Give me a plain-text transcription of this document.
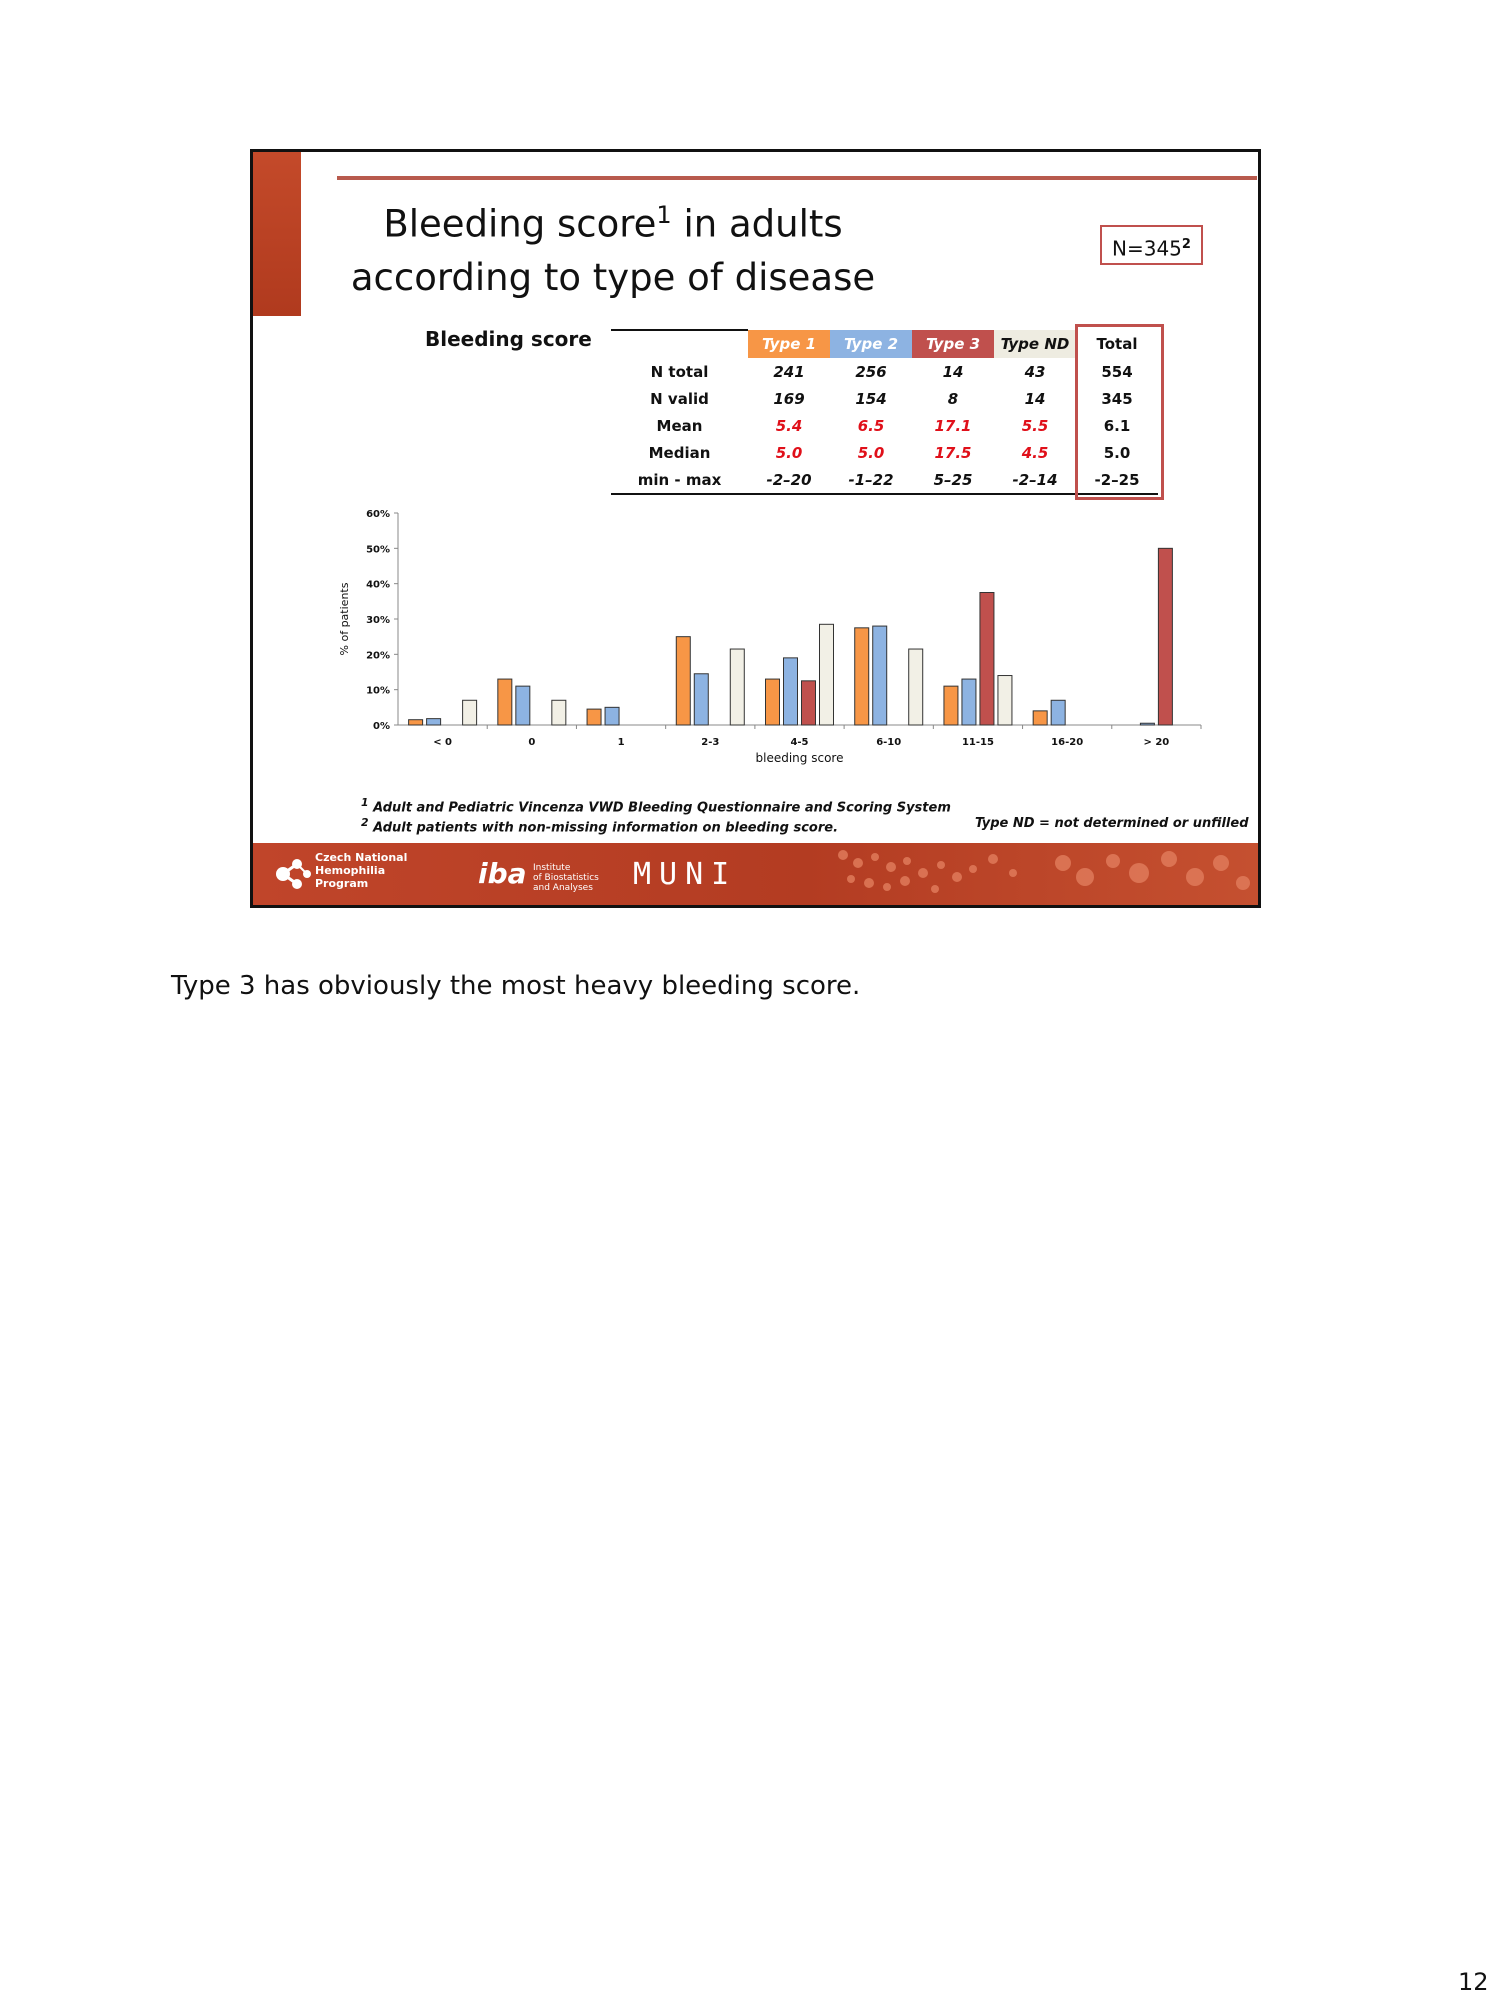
Bleeding score$^1$ in adults according to type of disease
$N=345^2$
Bleeding score
		Type 1	Type 2	Type 3	Type ND	Total
N total	241	256	14	43	554
N valid	169	154	8	14	345
Mean	5.4	6.5	17.1	5.5	6.1
Median	5.0	5.0	17.5	4.5	5.0
min - max	-2–20	-1–22	5–25	-2–14	-2–25
0%
10%
20%
30%
40%
50%
60%
% of patients
< 0	0	1	2-3	4-5	6-10	11-15	16-20	> 20
bleeding score
$^1$ Adult and Pediatric Vincenza VWD Bleeding Questionnaire and Scoring System
$^2$ Adult patients with non-missing information on bleeding score.	Type ND = not determined or unfilled
Czech National
Hemophilia
Program	iba Institute
of Biostatistics
and Analyses MUNI
Type 3 has obviously the most heavy bleeding score.
12
